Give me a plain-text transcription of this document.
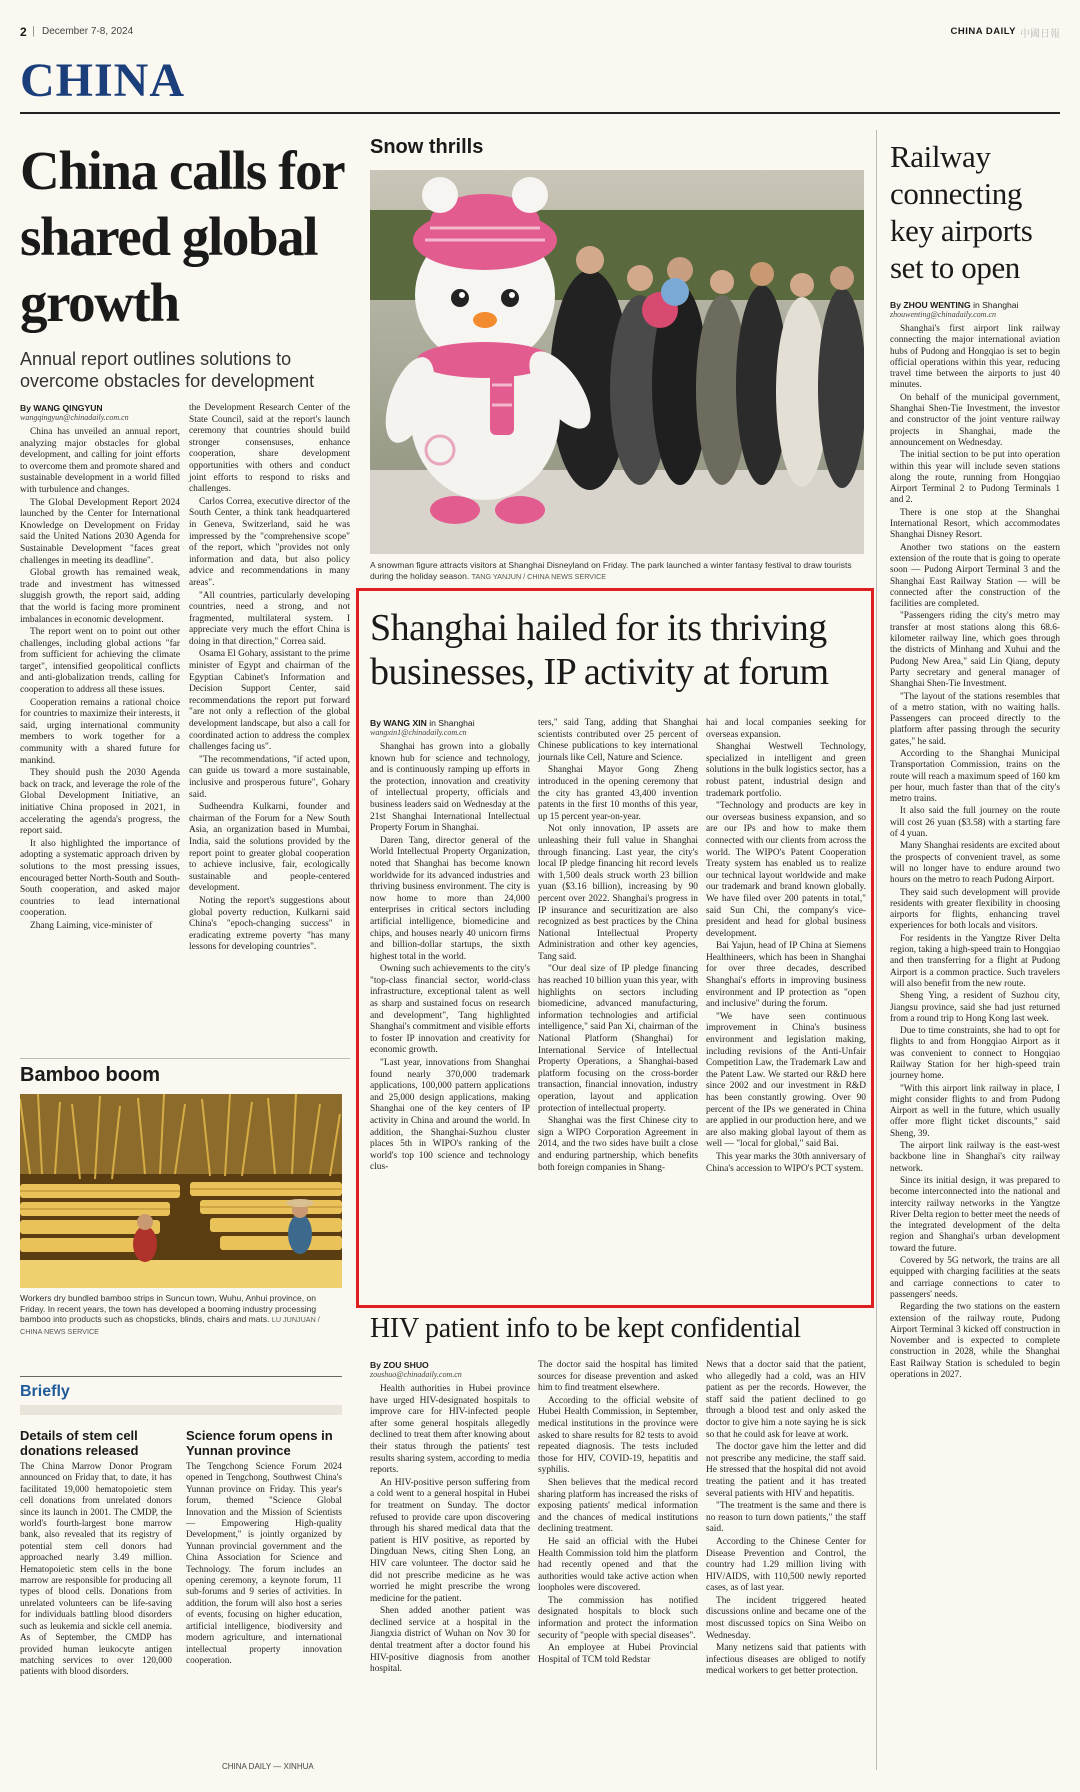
2 | December 7-8, 2024	CHINA DAILY 中國日報
CHINA
China calls for shared global growth
Annual report outlines solutions to overcome obstacles for development
By WANG QINGYUN
wangqingyun@chinadaily.com.cn

China has unveiled an annual report, analyzing major obstacles for global development, and calling for joint efforts to overcome them and promote shared and sustainable development in a world filled with turbulence and changes.

The Global Development Report 2024 launched by the Center for International Knowledge on Development on Friday said the United Nations 2030 Agenda for Sustainable Development "faces great challenges in meeting its deadline".

Global growth has remained weak, trade and investment has witnessed sluggish growth, the report said, adding that the world is facing more prominent imbalances in economic development.

The report went on to point out other challenges, including global actions "far from sufficient for achieving the climate target", intensified geopolitical conflicts and anti-globalization trends, calling for cooperation to address all these issues.

Cooperation remains a rational choice for countries to maximize their interests, it said, urging international community members to work together for a community with a shared future for mankind.

They should push the 2030 Agenda back on track, and leverage the role of the Global Development Initiative, an initiative China proposed in 2021, in accelerating the agenda's progress, the report said.

It also highlighted the importance of adopting a systematic approach driven by solutions to the most pressing issues, encouraged better North-South and South-South cooperation, and asked major countries to lead international cooperation.

Zhang Laiming, vice-minister of

the Development Research Center of the State Council, said at the report's launch ceremony that countries should build stronger consensuses, enhance cooperation, share development opportunities with others and conduct joint efforts to respond to risks and challenges.

Carlos Correa, executive director of the South Center, a think tank headquartered in Geneva, Switzerland, said he was impressed by the "comprehensive scope" of the report, which "provides not only information and data, but also policy advice and recommendations in many areas".

"All countries, particularly developing countries, need a strong, and not fragmented, multilateral system. I appreciate very much the effort China is doing in that direction," Correa said.

Osama El Gohary, assistant to the prime minister of Egypt and chairman of the Egyptian Cabinet's Information and Decision Support Center, said recommendations the report put forward "are not only a reflection of the global development landscape, but also a call for coordinated action to address the complex challenges facing us".

"The recommendations, "if acted upon, can guide us toward a more sustainable, inclusive and prosperous future", Gohary said.

Sudheendra Kulkarni, founder and chairman of the Forum for a New South Asia, an organization based in Mumbai, India, said the solutions provided by the report point to greater global cooperation to achieve inclusive, fair, ecologically sustainable and people-centered development.

Noting the report's suggestions about global poverty reduction, Kulkarni said China's "epoch-changing success" in eradicating extreme poverty "has many lessons for developing countries".

Bamboo boom
Workers dry bundled bamboo strips in Suncun town, Wuhu, Anhui province, on Friday. In recent years, the town has developed a booming industry processing bamboo into products such as chopsticks, blinds, chairs and mats. LU JUNJUAN / CHINA NEWS SERVICE
Briefly
Details of stem cell donations released
The China Marrow Donor Program announced on Friday that, to date, it has facilitated 19,000 hematopoietic stem cell donations from unrelated donors since its launch in 2001. The CMDP, the world's fourth-largest bone marrow bank, also revealed that its registry of potential stem cell donors had approached nearly 3.49 million. Hematopoietic stem cells in the bone marrow are responsible for producing all types of blood cells. Donations from unrelated volunteers can be life-saving for individuals battling blood disorders such as leukemia and sickle cell anemia. As of September, the CMDP has provided human leukocyte antigen matching services to over 120,000 patients with blood disorders.
Science forum opens in Yunnan province
The Tengchong Science Forum 2024 opened in Tengchong, Southwest China's Yunnan province on Friday. This year's forum, themed "Science Global Innovation and the Mission of Scientists — Empowering High-quality Development," is jointly organized by Yunnan provincial government and the China Association for Science and Technology. The forum includes an opening ceremony, a keynote forum, 11 sub-forums and 9 series of activities. In addition, the forum will also host a series of events, focusing on higher education, artificial intelligence, biodiversity and modern agriculture, and international intellectual property innovation cooperation.
CHINA DAILY — XINHUA
Snow thrills
A snowman figure attracts visitors at Shanghai Disneyland on Friday. The park launched a winter fantasy festival to draw tourists during the holiday season. TANG YANJUN / CHINA NEWS SERVICE
Shanghai hailed for its thriving businesses, IP activity at forum
By WANG XIN in Shanghai
wangxin1@chinadaily.com.cn

Shanghai has grown into a globally known hub for science and technology, and is continuously ramping up efforts in the protection, innovation and creativity of intellectual property, officials and business leaders said on Wednesday at the 21st Shanghai International Intellectual Property Forum in Shanghai.

Daren Tang, director general of the World Intellectual Property Organization, noted that Shanghai has become known worldwide for its advanced industries and thriving business environment. The city is now home to more than 24,000 enterprises in critical sectors including artificial intelligence, biomedicine and chips, and houses nearly 40 unicorn firms and billion-dollar startups, the sixth highest total in the world.

Owning such achievements to the city's "top-class financial sector, world-class infrastructure, exceptional talent as well as sharp and sustained focus on research and development", Tang highlighted Shanghai's commitment and visible efforts to foster IP innovation and creativity for economic growth.

"Last year, innovations from Shanghai found nearly 370,000 trademark applications, 100,000 pattern applications and 25,000 design applications, making Shanghai one of the key centers of IP activity in China and around the world. In addition, the Shanghai-Suzhou cluster places 5th in WIPO's ranking of the world's top 100 science and technology clus-

ters," said Tang, adding that Shanghai scientists contributed over 25 percent of Chinese publications to key international journals like Cell, Nature and Science.

Shanghai Mayor Gong Zheng introduced in the opening ceremony that the city has granted 43,400 invention patents in the first 10 months of this year, up 15 percent year-on-year.

Not only innovation, IP assets are unleashing their full value in Shanghai through financing. Last year, the city's local IP pledge financing hit record levels with 1,500 deals struck worth 23 billion yuan ($3.16 billion), increasing by 90 percent over 2022. Shanghai's progress in IP insurance and securitization are also recognized as best practices by the China National Intellectual Property Administration and other key agencies, Tang said.

"Our deal size of IP pledge financing has reached 10 billion yuan this year, with highlights on sectors including biomedicine, advanced manufacturing, information technologies and artificial intelligence," said Pan Xi, chairman of the National Platform (Shanghai) for International Service of Intellectual Property Operations, a Shanghai-based platform focusing on the cross-border transaction, financial innovation, industry operation, layout and application protection of intellectual property.

Shanghai was the first Chinese city to sign a WIPO Corporation Agreement in 2014, and the two sides have built a close and enduring partnership, which benefits both foreign companies in Shang-

hai and local companies seeking for overseas expansion.

Shanghai Westwell Technology, specialized in intelligent and green solutions in the bulk logistics sector, has a robust patent, industrial design and trademark portfolio.

"Technology and products are key in our overseas business expansion, and so are our IPs and how to make them connected with our clients from across the world. The WIPO's Patent Cooperation Treaty system has enabled us to realize our technical layout worldwide and make our trademark and brand known globally. We have filed over 200 patents in total," said Sun Chi, the company's vice-president and head for global business development.

Bai Yajun, head of IP China at Siemens Healthineers, which has been in Shanghai for over three decades, described Shanghai's efforts in improving business environment and IP protection as "open and inclusive" during the forum.

"We have seen continuous improvement in China's business environment and legislation making, including revisions of the Anti-Unfair Competition Law, the Trademark Law and the Patent Law. We started our R&D here since 2002 and our investment in R&D has been constantly growing. Over 90 percent of the IPs we generated in China are applied in our production here, and we are also making global layout of them as well — "local for global," said Bai.

This year marks the 30th anniversary of China's accession to WIPO's PCT system.

HIV patient info to be kept confidential
By ZOU SHUO
zoushuo@chinadaily.com.cn

Health authorities in Hubei province have urged HIV-designated hospitals to improve care for HIV-infected people after some general hospitals allegedly declined to treat them after knowing about their status through the patients' test results sharing system, according to media reports.

An HIV-positive person suffering from a cold went to a general hospital in Hubei for treatment on Sunday. The doctor refused to provide care upon discovering through his shared medical data that the patient is HIV positive, as reported by Dingduan News, citing Shen Long, an HIV care volunteer. The doctor said he did not prescribe medicine as he was worried he might prescribe the wrong medicine for the patient.

Shen added another patient was declined service at a hospital in the Jiangxia district of Wuhan on Nov 30 for dental treatment after a doctor found his HIV-positive diagnosis from another hospital.

The doctor said the hospital has limited sources for disease prevention and asked him to find treatment elsewhere.

According to the official website of Hubei Health Commission, in September, medical institutions in the province were asked to share results for 82 tests to avoid repeated diagnosis. The tests included those for HIV, COVID-19, hepatitis and syphilis.

Shen believes that the medical record sharing platform has increased the risks of exposing patients' medical information and the chances of medical institutions declining treatment.

He said an official with the Hubei Health Commission told him the platform had recently opened and that the authorities would take active action when loopholes were discovered.

The commission has notified designated hospitals to block such information and protect the information security of "people with special diseases".

An employee at Hubei Provincial Hospital of TCM told Redstar

News that a doctor said that the patient, who allegedly had a cold, was an HIV patient as per the records. However, the staff said the patient declined to go through a blood test and only asked the doctor to give him a note saying he is sick so that he could ask for leave at work.

The doctor gave him the letter and did not prescribe any medicine, the staff said. He stressed that the hospital did not avoid treating the patient and it has treated several patients with HIV and hepatitis.

"The treatment is the same and there is no reason to turn down patients," the staff said.

According to the Chinese Center for Disease Prevention and Control, the country had 1.29 million living with HIV/AIDS, with 110,500 newly reported cases, as of last year.

The incident triggered heated discussions online and became one of the most discussed topics on Sina Weibo on Wednesday.

Many netizens said that patients with infectious diseases are obliged to notify medical workers to get better protection.

Railway connecting key airports set to open
By ZHOU WENTING in Shanghai
zhouwenting@chinadaily.com.cn

Shanghai's first airport link railway connecting the major international aviation hubs of Pudong and Hongqiao is set to begin official operations within this year, reducing travel time between the airports to just 40 minutes.

On behalf of the municipal government, Shanghai Shen-Tie Investment, the investor and constructor of the joint venture railway projects in Shanghai, made the announcement on Wednesday.

The initial section to be put into operation within this year will include seven stations along the route, running from Hongqiao Airport Terminal 2 to Pudong Terminals 1 and 2.

There is one stop at the Shanghai International Resort, which accommodates Shanghai Disney Resort.

Another two stations on the eastern extension of the route that is going to operate soon — Pudong Airport Terminal 3 and the Shanghai East Railway Station — will be connected after the construction of the facilities are completed.

"Passengers riding the city's metro may transfer at most stations along this 68.6-kilometer railway line, which goes through the districts of Minhang and Xuhui and the Pudong New Area," said Lin Qiang, deputy Party secretary and general manager of Shanghai Shen-Tie Investment.

"The layout of the stations resembles that of a metro station, with no waiting halls. Passengers can proceed directly to the platform after passing through the security gates," he said.

According to the Shanghai Municipal Transportation Commission, trains on the route will reach a maximum speed of 160 km per hour, much faster than that of the city's metro trains.

It also said the full journey on the route will cost 26 yuan ($3.58) with a starting fare of 4 yuan.

Many Shanghai residents are excited about the prospects of convenient travel, as some will no longer have to endure around two hours on the metro to reach Pudong Airport.

They said such development will provide residents with greater flexibility in choosing airports for flights, enhancing travel experiences for both locals and visitors.

For residents in the Yangtze River Delta region, taking a high-speed train to Hongqiao and then transferring for a flight at Pudong Airport is a common practice. Such travelers will also benefit from the new route.

Sheng Ying, a resident of Suzhou city, Jiangsu province, said she had just returned from a round trip to Hong Kong last week.

Due to time constraints, she had to opt for flights to and from Hongqiao Airport as it was convenient to connect to Hongqiao Railway Station for her high-speed train journey home.

"With this airport link railway in place, I might consider flights to and from Pudong Airport as well in the future, which usually offer more flight ticket discounts," said Sheng, 39.

The airport link railway is the east-west backbone line in Shanghai's city railway network.

Since its initial design, it was prepared to become interconnected into the national and intercity railway networks in the Yangtze River Delta region to better meet the needs of the integrated development of the delta region and Shanghai's urban development toward the future.

Covered by 5G network, the trains are all equipped with charging facilities at the seats and carriage connections to cater to passengers' needs.

Regarding the two stations on the eastern extension of the railway route, Pudong Airport Terminal 3 kicked off construction in November and is expected to complete construction in 2028, while the Shanghai East Railway Station is scheduled to begin operations in 2027.
